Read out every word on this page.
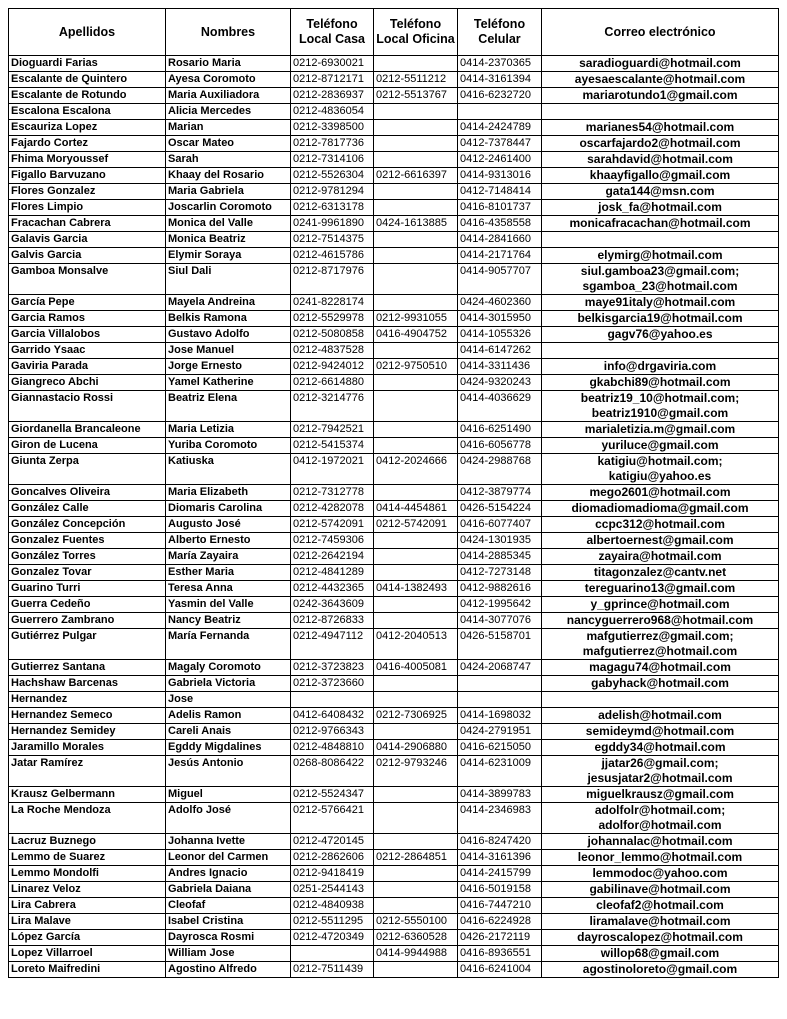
Apellidos	Nombres	Teléfono Local Casa	Teléfono Local Oficina	Teléfono Celular	Correo electrónico
Dioguardi Farias	Rosario Maria	0212-6930021		0414-2370365	saradioguardi@hotmail.com

Escalante de Quintero	Ayesa Coromoto	0212-8712171	0212-5511212	0414-3161394	ayesaescalante@hotmail.com

Escalante de Rotundo	Maria Auxiliadora	0212-2836937	0212-5513767	0416-6232720	mariarotundo1@gmail.com

Escalona Escalona	Alicia Mercedes	0212-4836054			

Escauriza Lopez	Marian	0212-3398500		0414-2424789	marianes54@hotmail.com

Fajardo Cortez	Oscar Mateo	0212-7817736		0412-7378447	oscarfajardo2@hotmail.com

Fhima Moryoussef	Sarah	0212-7314106		0412-2461400	sarahdavid@hotmail.com

Figallo Barvuzano	Khaay del Rosario	0212-5526304	0212-6616397	0414-9313016	khaayfigallo@gmail.com

Flores Gonzalez	Maria Gabriela	0212-9781294		0412-7148414	gata144@msn.com

Flores Limpio	Joscarlin Coromoto	0212-6313178		0416-8101737	josk_fa@hotmail.com

Fracachan Cabrera	Monica del Valle	0241-9961890	0424-1613885	0416-4358558	monicafracachan@hotmail.com

Galavis Garcia	Monica Beatriz	0212-7514375		0414-2841660	

Galvis Garcia	Elymir Soraya	0212-4615786		0414-2171764	elymirg@hotmail.com

Gamboa Monsalve	Siul Dali	0212-8717976		0414-9057707	siul.gamboa23@gmail.com;
sgamboa_23@hotmail.com

García Pepe	Mayela Andreina	0241-8228174		0424-4602360	maye91italy@hotmail.com

Garcia Ramos	Belkis Ramona	0212-5529978	0212-9931055	0414-3015950	belkisgarcia19@hotmail.com

Garcia Villalobos	Gustavo Adolfo	0212-5080858	0416-4904752	0414-1055326	gagv76@yahoo.es

Garrido Ysaac	Jose Manuel	0212-4837528		0414-6147262	

Gaviria Parada	Jorge Ernesto	0212-9424012	0212-9750510	0414-3311436	info@drgaviria.com

Giangreco Abchi	Yamel Katherine	0212-6614880		0424-9320243	gkabchi89@hotmail.com

Giannastacio Rossi	Beatriz Elena	0212-3214776		0414-4036629	beatriz19_10@hotmail.com;
beatriz1910@gmail.com

Giordanella Brancaleone	Maria Letizia	0212-7942521		0416-6251490	marialetizia.m@gmail.com

Giron de Lucena	Yuriba Coromoto	0212-5415374		0416-6056778	yuriluce@gmail.com

Giunta Zerpa	Katiuska	0412-1972021	0412-2024666	0424-2988768	katigiu@hotmail.com;
katigiu@yahoo.es

Goncalves Oliveira	Maria Elizabeth	0212-7312778		0412-3879774	mego2601@hotmail.com

González Calle	Diomaris Carolina	0212-4282078	0414-4454861	0426-5154224	diomadiomadioma@gmail.com

González Concepción	Augusto José	0212-5742091	0212-5742091	0416-6077407	ccpc312@hotmail.com

Gonzalez Fuentes	Alberto Ernesto	0212-7459306		0424-1301935	albertoernest@gmail.com

González Torres	María Zayaira	0212-2642194		0414-2885345	zayaira@hotmail.com

Gonzalez Tovar	Esther Maria	0212-4841289		0412-7273148	titagonzalez@cantv.net

Guarino Turri	Teresa Anna	0212-4432365	0414-1382493	0412-9882616	tereguarino13@gmail.com

Guerra Cedeño	Yasmin del Valle	0242-3643609		0412-1995642	y_gprince@hotmail.com

Guerrero Zambrano	Nancy Beatriz	0212-8726833		0414-3077076	nancyguerrero968@hotmail.com

Gutiérrez Pulgar	María Fernanda	0212-4947112	0412-2040513	0426-5158701	mafgutierrez@gmail.com;
mafgutierrez@hotmail.com

Gutierrez Santana	Magaly Coromoto	0212-3723823	0416-4005081	0424-2068747	magagu74@hotmail.com

Hachshaw Barcenas	Gabriela Victoria	0212-3723660			gabyhack@hotmail.com

Hernandez	Jose				

Hernandez Semeco	Adelis Ramon	0412-6408432	0212-7306925	0414-1698032	adelish@hotmail.com

Hernandez Semidey	Careli Anais	0212-9766343		0424-2791951	semideymd@hotmail.com

Jaramillo Morales	Egddy Migdalines	0212-4848810	0414-2906880	0416-6215050	egddy34@hotmail.com

Jatar Ramírez	Jesús Antonio	0268-8086422	0212-9793246	0414-6231009	jjatar26@gmail.com;
jesusjatar2@hotmail.com

Krausz Gelbermann	Miguel	0212-5524347		0414-3899783	miguelkrausz@gmail.com

La Roche Mendoza	Adolfo José	0212-5766421		0414-2346983	adolfolr@hotmail.com;
adolfor@hotmail.com

Lacruz Buznego	Johanna Ivette	0212-4720145		0416-8247420	johannalac@hotmail.com

Lemmo de Suarez	Leonor del Carmen	0212-2862606	0212-2864851	0414-3161396	leonor_lemmo@hotmail.com

Lemmo Mondolfi	Andres Ignacio	0212-9418419		0414-2415799	lemmodoc@yahoo.com

Linarez Veloz	Gabriela Daiana	0251-2544143		0416-5019158	gabilinave@hotmail.com

Lira Cabrera	Cleofaf	0212-4840938		0416-7447210	cleofaf2@hotmail.com

Lira Malave	Isabel Cristina	0212-5511295	0212-5550100	0416-6224928	liramalave@hotmail.com

López García	Dayrosca Rosmi	0212-4720349	0212-6360528	0426-2172119	dayroscalopez@hotmail.com

Lopez Villarroel	William Jose		0414-9944988	0416-8936551	willop68@gmail.com

Loreto Maifredini	Agostino Alfredo	0212-7511439		0416-6241004	agostinoloreto@gmail.com
